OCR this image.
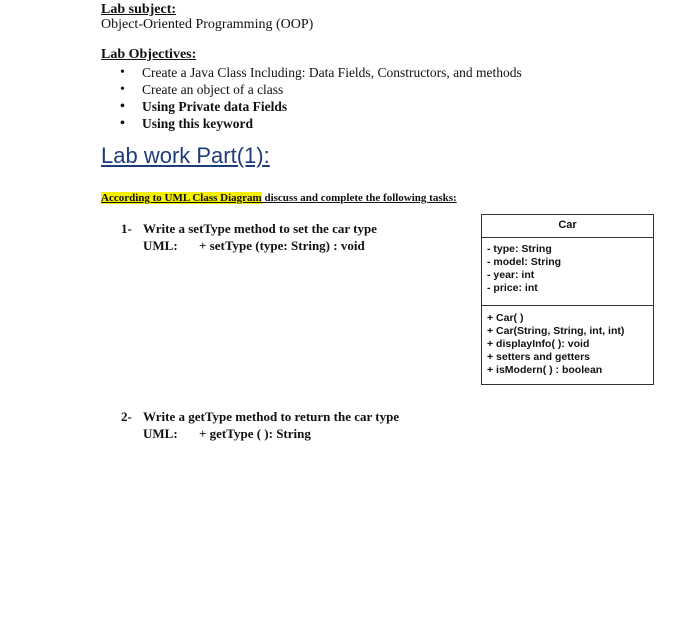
Lab subject:
Object-Oriented Programming (OOP)
Lab Objectives:
• Create a Java Class Including: Data Fields, Constructors, and methods
• Create an object of a class
• Using Private data Fields
• Using this keyword
Lab work Part(1):
According to UML Class Diagram discuss and complete the following tasks:
1- Write a setType method to set the car type
UML: + setType (type: String) : void
2- Write a getType method to return the car type
UML: + getType ( ): String
Car
- type: String
- model: String
- year: int
- price: int
+ Car( )
+ Car(String, String, int, int)
+ displayInfo( ): void
+ setters and getters
+ isModern( ) : boolean
